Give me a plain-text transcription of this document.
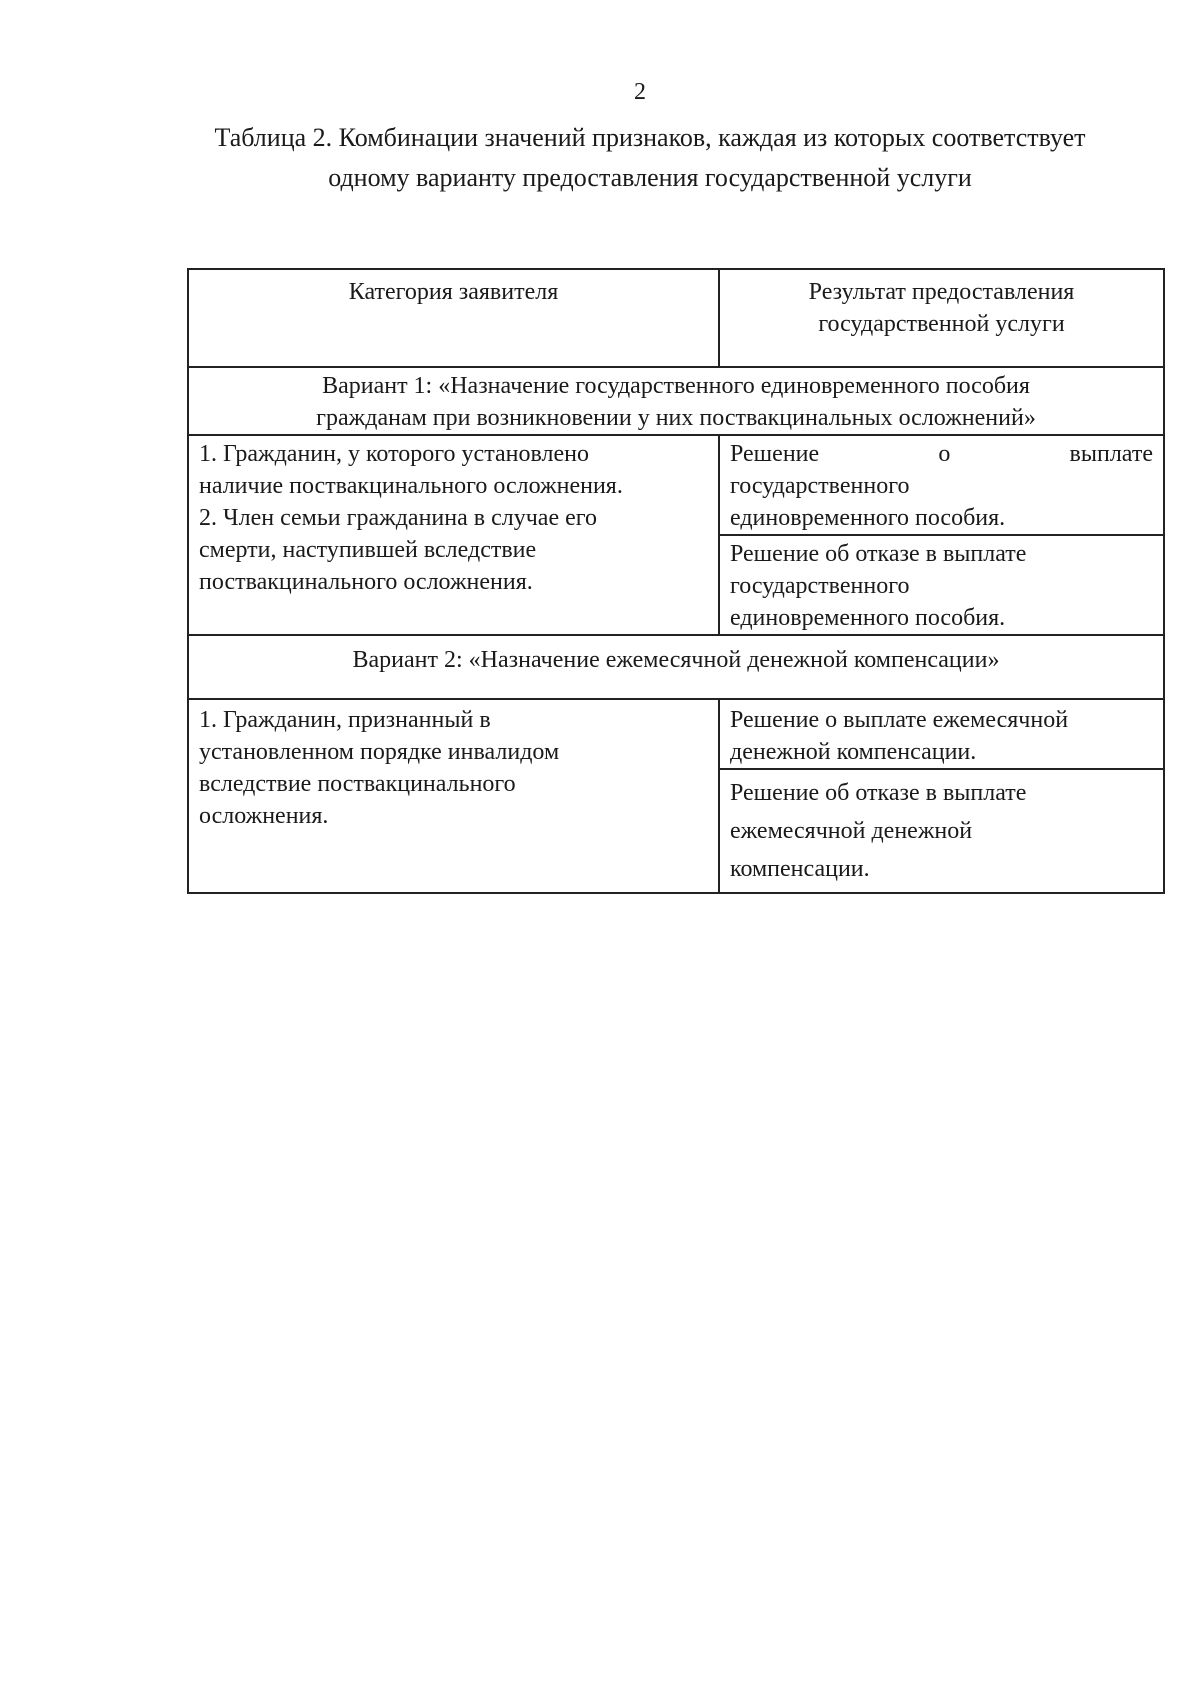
2
Таблица 2. Комбинации значений признаков, каждая из которых соответствует
одному варианту предоставления государственной услуги
Категория заявителя	Результат предоставления
государственной услуги

Вариант 1: «Назначение государственного единовременного пособия
гражданам при возникновении у них поствакцинальных осложнений»	

1. Гражданин, у которого установлено
наличие поствакцинального осложнения.
2. Член семьи гражданина в случае его
смерти, наступившей вследствие
поствакцинального осложнения.	Решение о выплате
государственного
единовременного пособия.

	Решение об отказе в выплате
государственного
единовременного пособия.

Вариант 2: «Назначение ежемесячной денежной компенсации»	

1. Гражданин, признанный в
установленном порядке инвалидом
вследствие поствакцинального
осложнения.	Решение о выплате ежемесячной
денежной компенсации.

	Решение об отказе в выплате
ежемесячной денежной
компенсации.
